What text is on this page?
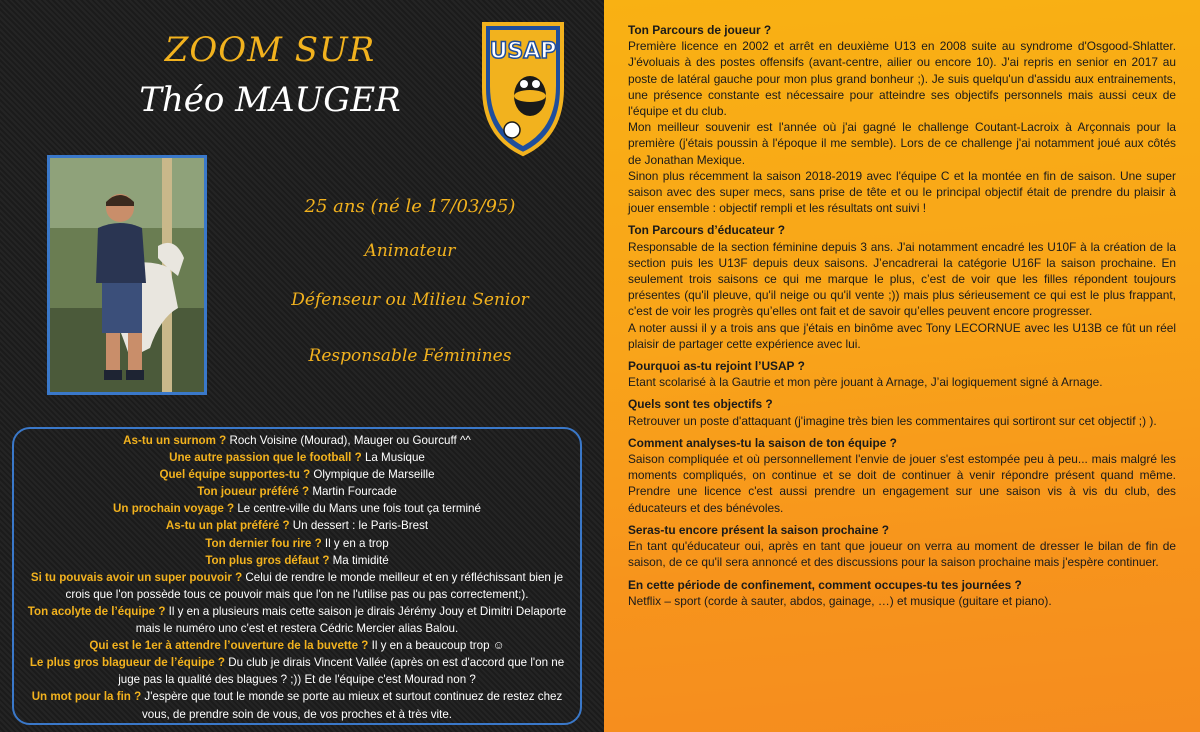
ZOOM SUR
Théo MAUGER
USAP
25 ans (né le 17/03/95)
Animateur
Défenseur ou Milieu Senior
Responsable Féminines

As-tu un surnom ? Roch Voisine (Mourad), Mauger ou Gourcuff ^^

Une autre passion que le football ? La Musique

Quel équipe supportes-tu ? Olympique de Marseille

Ton joueur préféré ? Martin Fourcade

Un prochain voyage ? Le centre-ville du Mans une fois tout ça terminé

As-tu un plat préféré ? Un dessert : le Paris-Brest

Ton dernier fou rire ? Il y en a trop

Ton plus gros défaut ? Ma timidité

Si tu pouvais avoir un super pouvoir ? Celui de rendre le monde meilleur et en y réfléchissant bien je crois que l'on possède tous ce pouvoir mais que l'on ne l'utilise pas ou pas correctement;).

Ton acolyte de l’équipe ? Il y en a plusieurs mais cette saison je dirais Jérémy Jouy et Dimitri Delaporte mais le numéro uno c'est et restera Cédric Mercier alias Balou.

Qui est le 1er à attendre l’ouverture de la buvette ? Il y en a beaucoup trop ☺

Le plus gros blagueur de l’équipe ? Du club je dirais Vincent Vallée (après on est d'accord que l'on ne juge pas la qualité des blagues ? ;)) Et de l'équipe c'est Mourad non ?

Un mot pour la fin ? J'espère que tout le monde se porte au mieux et surtout continuez de restez chez vous, de prendre soin de vous, de vos proches et à très vite.

Ton Parcours de joueur ?

Première licence en 2002 et arrêt en deuxième U13 en 2008 suite au syndrome d'Osgood-Shlatter. J'évoluais à des postes offensifs (avant-centre, ailier ou encore 10). J'ai repris en senior en 2017 au poste de latéral gauche pour mon plus grand bonheur ;). Je suis quelqu'un d'assidu aux entrainements, une présence constante est nécessaire pour atteindre ses objectifs personnels mais aussi ceux de l'équipe et du club.

Mon meilleur souvenir est l'année où j'ai gagné le challenge Coutant-Lacroix à Arçonnais pour la première (j'étais poussin à l'époque il me semble). Lors de ce challenge j'ai notamment joué aux côtés de Jonathan Mexique.

Sinon plus récemment la saison 2018-2019 avec l'équipe C et la montée en fin de saison. Une super saison avec des super mecs, sans prise de tête et ou le principal objectif était de prendre du plaisir à jouer ensemble : objectif rempli et les résultats ont suivi !

Ton Parcours d’éducateur ?

Responsable de la section féminine depuis 3 ans. J'ai notamment encadré les U10F à la création de la section puis les U13F depuis deux saisons. J’encadrerai la catégorie U16F la saison prochaine. En seulement trois saisons ce qui me marque le plus, c’est de voir que les filles répondent toujours présentes (qu'il pleuve, qu'il neige ou qu'il vente ;)) mais plus sérieusement ce qui est le plus frappant, c'est de voir les progrès qu’elles ont fait et de savoir qu’elles peuvent encore progresser.

A noter aussi il y a trois ans que j'étais en binôme avec Tony LECORNUE avec les U13B ce fût un réel plaisir de partager cette expérience avec lui.

Pourquoi as-tu rejoint l’USAP ?

Etant scolarisé à la Gautrie et mon père jouant à Arnage, J’ai logiquement signé à Arnage.

Quels sont tes objectifs ?

Retrouver un poste d'attaquant (j'imagine très bien les commentaires qui sortiront sur cet objectif ;) ).

Comment analyses-tu la saison de ton équipe ?

Saison compliquée et où personnellement l'envie de jouer s'est estompée peu à peu... mais malgré les moments compliqués, on continue et se doit de continuer à venir répondre présent quand même. Prendre une licence c'est aussi prendre un engagement sur une saison vis à vis du club, des éducateurs et des bénévoles.

Seras-tu encore présent la saison prochaine ?

En tant qu'éducateur oui, après en tant que joueur on verra au moment de dresser le bilan de fin de saison, de ce qu'il sera annoncé et des discussions pour la saison prochaine mais j'espère continuer.

En cette période de confinement, comment occupes-tu tes journées ?

Netflix – sport (corde à sauter, abdos, gainage, …) et musique (guitare et piano).
